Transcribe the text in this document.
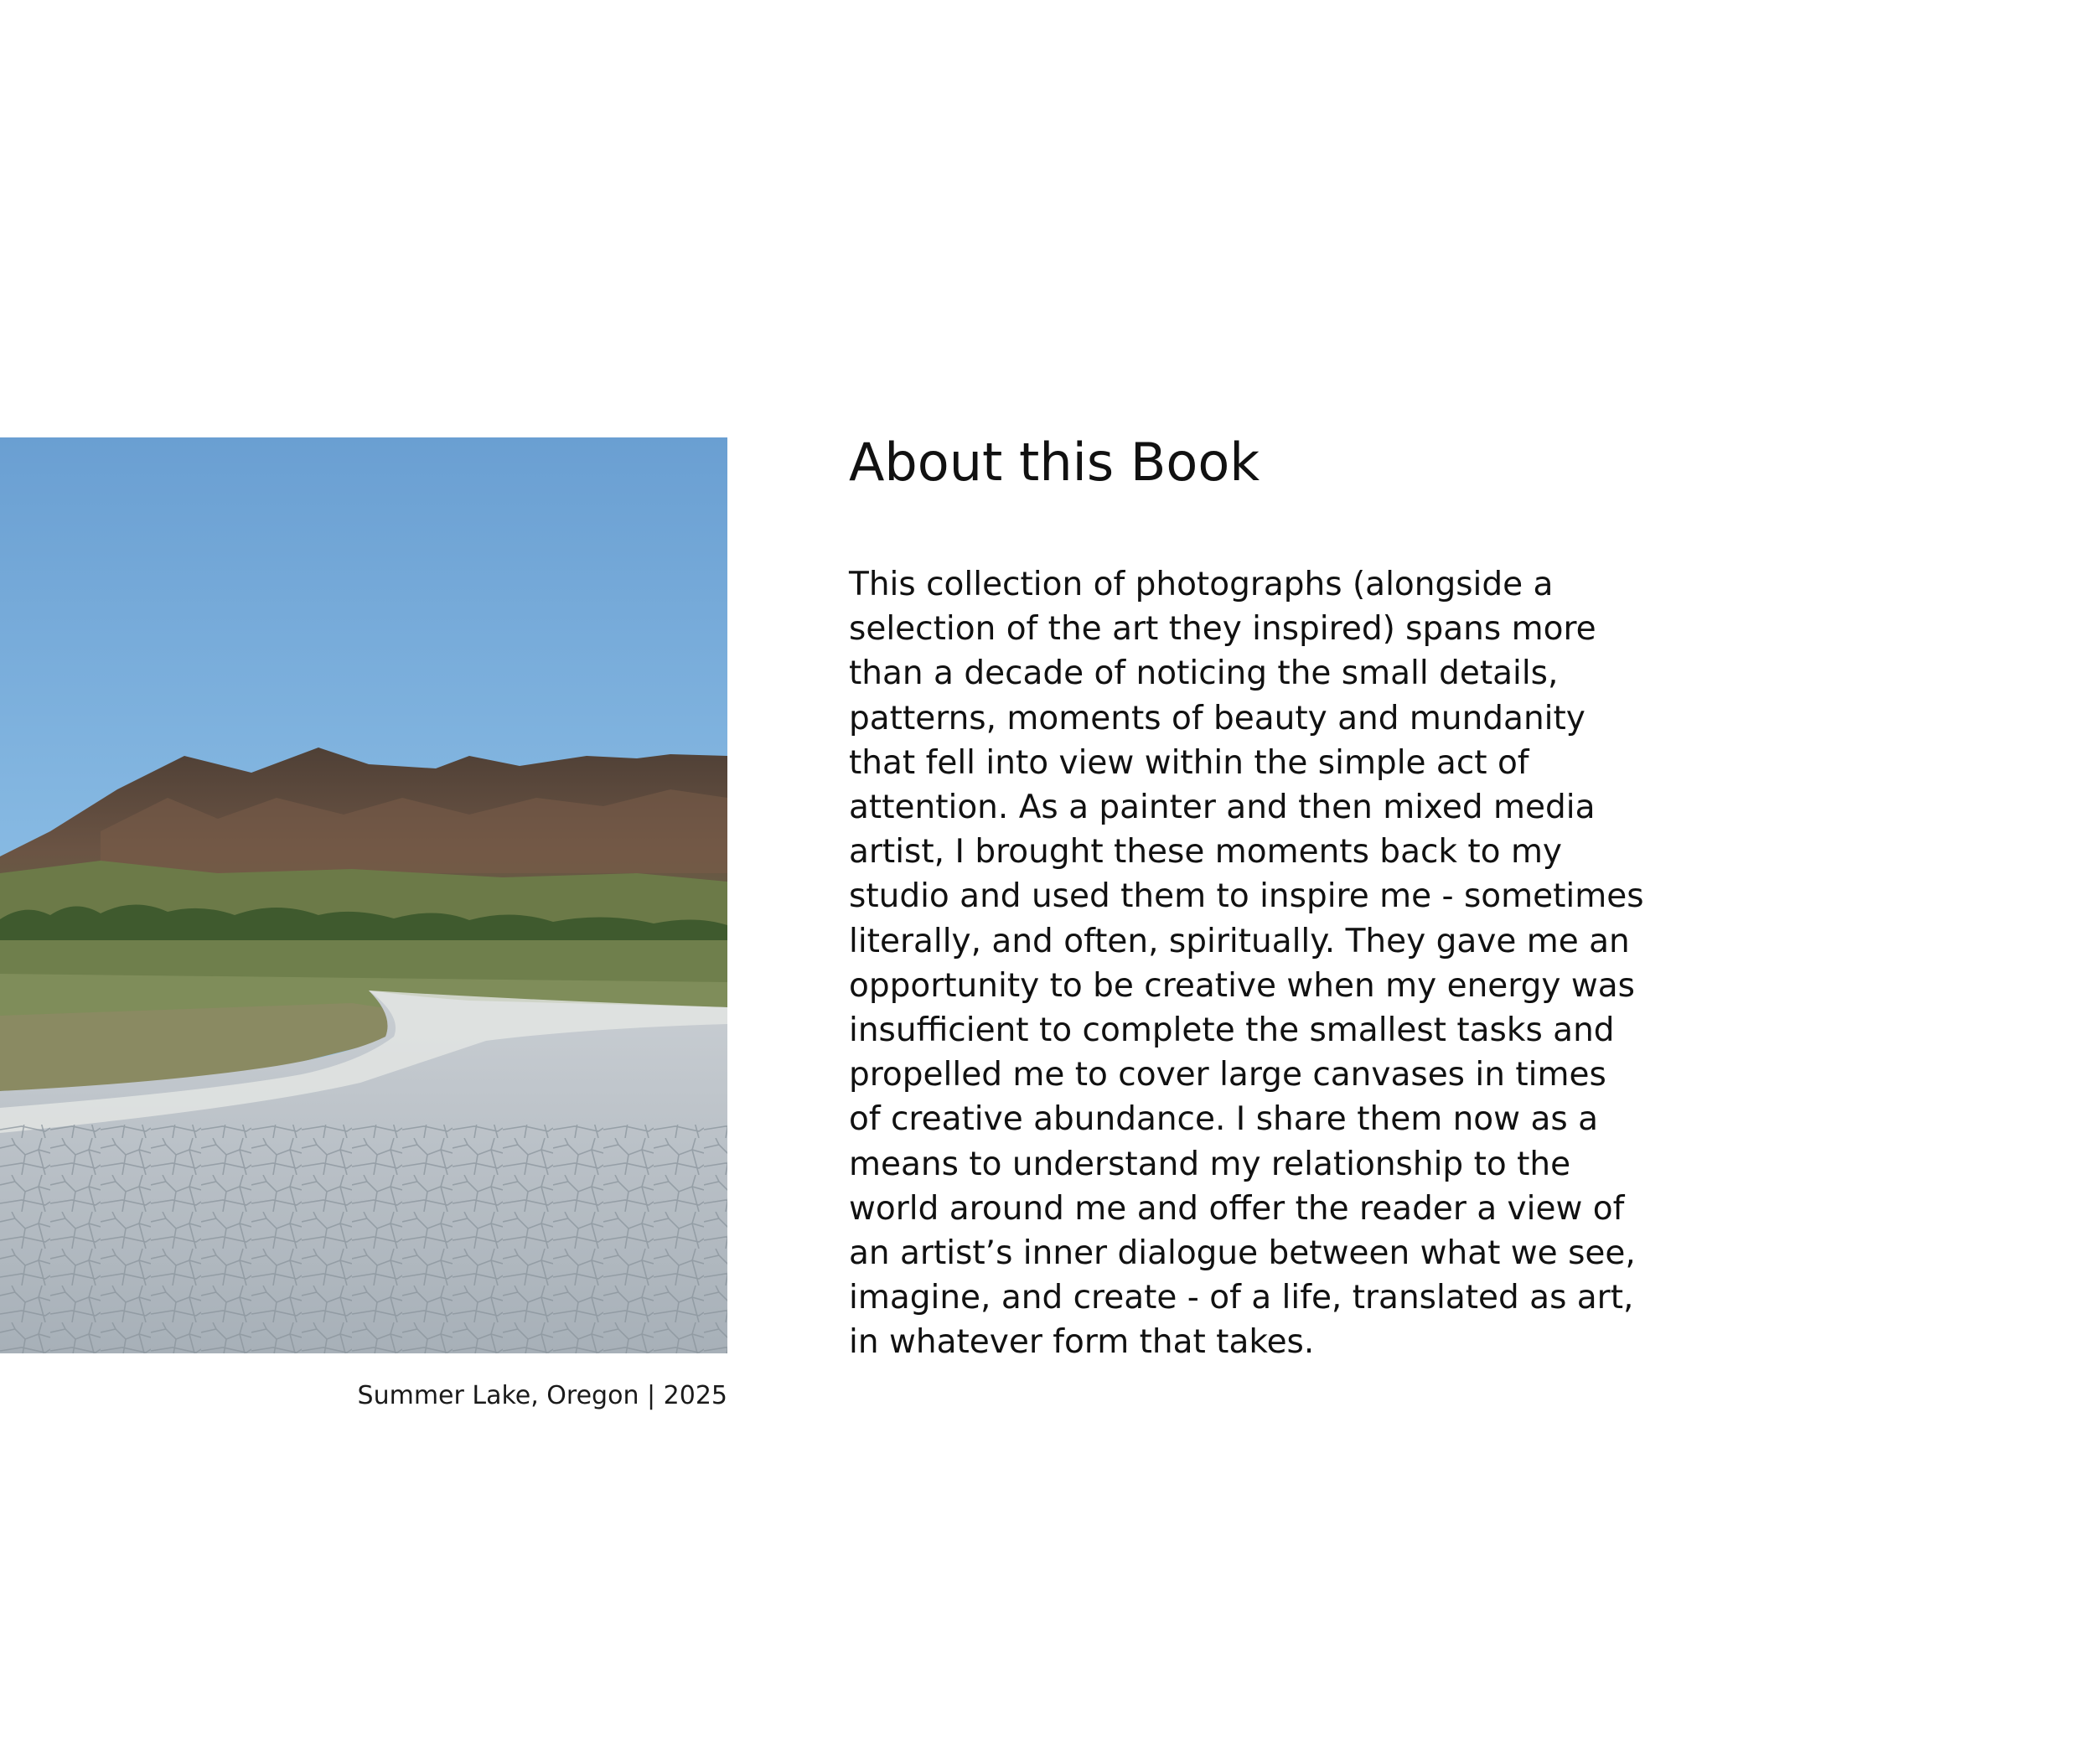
Summer Lake, Oregon | 2025
About this Book
This collection of photographs (alongside a
selection of the art they inspired) spans more
than a decade of noticing the small details,
patterns, moments of beauty and mundanity
that fell into view within the simple act of
attention. As a painter and then mixed media
artist, I brought these moments back to my
studio and used them to inspire me - sometimes
literally, and often, spiritually. They gave me an
opportunity to be creative when my energy was
insufficient to complete the smallest tasks and
propelled me to cover large canvases in times
of creative abundance. I share them now as a
means to understand my relationship to the
world around me and offer the reader a view of
an artist’s inner dialogue between what we see,
imagine, and create - of a life, translated as art,
in whatever form that takes.
